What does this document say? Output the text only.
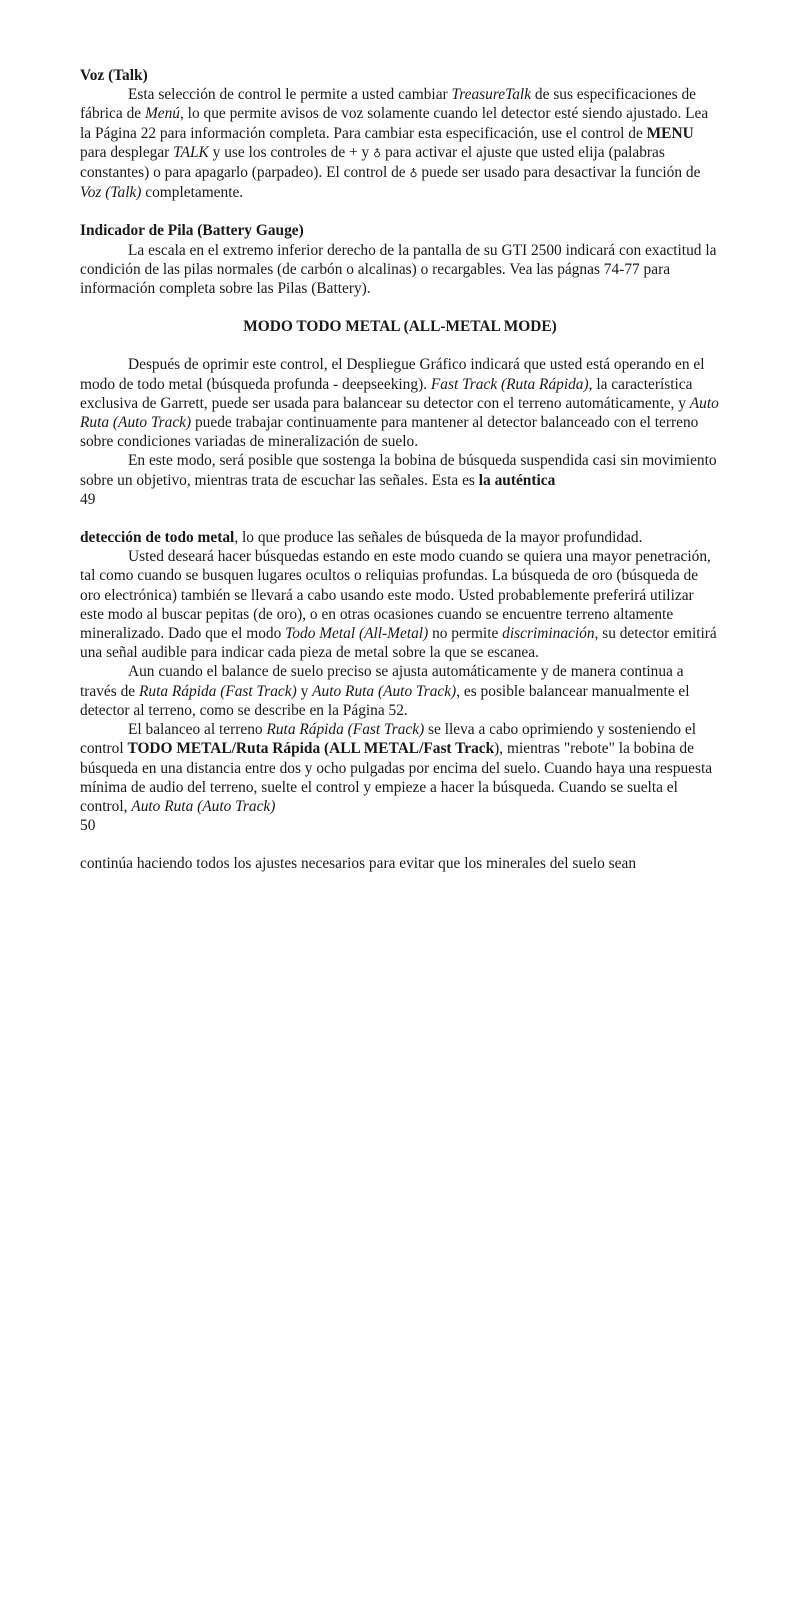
Voz (Talk)

Esta selección de control le permite a usted cambiar TreasureTalk de sus especificaciones de fábrica de Menú, lo que permite avisos de voz solamente cuando lel detector esté siendo ajustado. Lea la Página 22 para información completa. Para cambiar esta especificación, use el control de MENU para desplegar TALK y use los controles de + y ♁ para activar el ajuste que usted elija (palabras constantes) o para apagarlo (parpadeo). El control de ♁ puede ser usado para desactivar la función de Voz (Talk) completamente.

Indicador de Pila (Battery Gauge)

La escala en el extremo inferior derecho de la pantalla de su GTI 2500 indicará con exactitud la condición de las pilas normales (de carbón o alcalinas) o recargables. Vea las págnas 74-77 para información completa sobre las Pilas (Battery).

MODO TODO METAL (ALL-METAL MODE)

Después de oprimir este control, el Despliegue Gráfico indicará que usted está operando en el modo de todo metal (búsqueda profunda - deepseeking). Fast Track (Ruta Rápida), la característica exclusiva de Garrett, puede ser usada para balancear su detector con el terreno automáticamente, y Auto Ruta (Auto Track) puede trabajar continuamente para mantener al detector balanceado con el terreno sobre condiciones variadas de mineralización de suelo.

En este modo, será posible que sostenga la bobina de búsqueda suspendida casi sin movimiento sobre un objetivo, mientras trata de escuchar las señales. Esta es la auténtica

49

detección de todo metal, lo que produce las señales de búsqueda de la mayor profundidad.

Usted deseará hacer búsquedas estando en este modo cuando se quiera una mayor penetración, tal como cuando se busquen lugares ocultos o reliquias profundas. La búsqueda de oro (búsqueda de oro electrónica) también se llevará a cabo usando este modo. Usted probablemente preferirá utilizar este modo al buscar pepitas (de oro), o en otras ocasiones cuando se encuentre terreno altamente mineralizado. Dado que el modo Todo Metal (All-Metal) no permite discriminación, su detector emitirá una señal audible para indicar cada pieza de metal sobre la que se escanea.

Aun cuando el balance de suelo preciso se ajusta automáticamente y de manera continua a través de Ruta Rápida (Fast Track) y Auto Ruta (Auto Track), es posible balancear manualmente el detector al terreno, como se describe en la Página 52.

El balanceo al terreno Ruta Rápida (Fast Track) se lleva a cabo oprimiendo y sosteniendo el control TODO METAL/Ruta Rápida (ALL METAL/Fast Track), mientras "rebote" la bobina de búsqueda en una distancia entre dos y ocho pulgadas por encima del suelo. Cuando haya una respuesta mínima de audio del terreno, suelte el control y empieze a hacer la búsqueda. Cuando se suelta el control, Auto Ruta (Auto Track)

50

continúa haciendo todos los ajustes necesarios para evitar que los minerales del suelo sean
